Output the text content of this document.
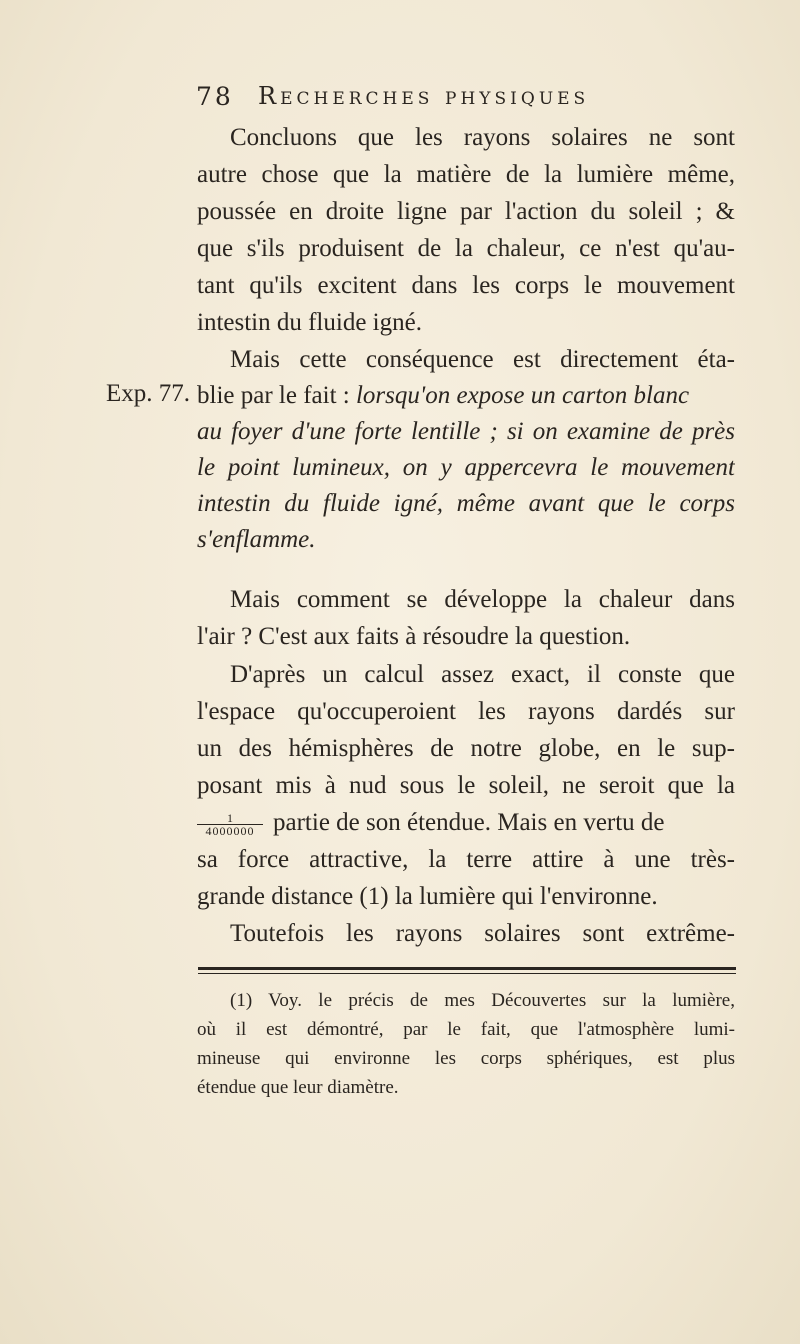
78 Recherches physiques
Exp. 77.
Concluons que les rayons solaires ne sont
autre chose que la matière de la lumière même,
poussée en droite ligne par l'action du soleil ; &
que s'ils produisent de la chaleur, ce n'est qu'au-
tant qu'ils excitent dans les corps le mouvement
intestin du fluide igné.
Mais cette conséquence est directement éta-
blie par le fait : lorsqu'on expose un carton blanc
au foyer d'une forte lentille ; si on examine de près
le point lumineux, on y appercevra le mouvement
intestin du fluide igné, même avant que le corps
s'enflamme.
Mais comment se développe la chaleur dans
l'air ? C'est aux faits à résoudre la question.
D'après un calcul assez exact, il conste que
l'espace qu'occuperoient les rayons dardés sur
un des hémisphères de notre globe, en le sup-
posant mis à nud sous le soleil, ne seroit que la
$\frac{1}{4000000}$ partie de son étendue. Mais en vertu de
sa force attractive, la terre attire à une très-
grande distance (1) la lumière qui l'environne.
Toutefois les rayons solaires sont extrême-
(1) Voy. le précis de mes Découvertes sur la lumière,
où il est démontré, par le fait, que l'atmosphère lumi-
mineuse qui environne les corps sphériques, est plus
étendue que leur diamètre.
